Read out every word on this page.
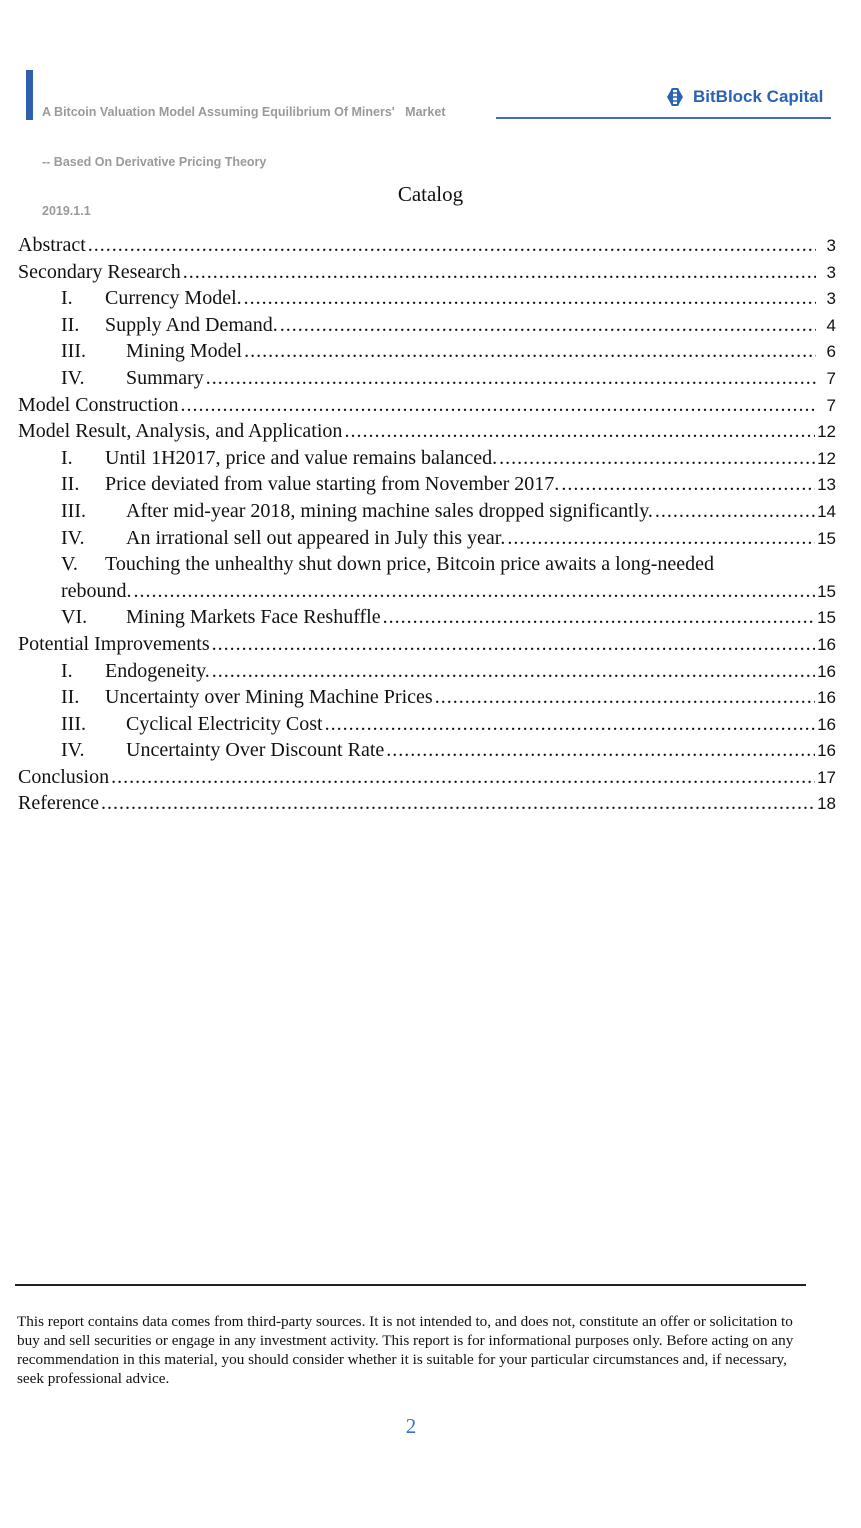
A Bitcoin Valuation Model Assuming Equilibrium Of Miners'   Market

-- Based On Derivative Pricing Theory

2019.1.1

BitBlock Capital
Catalog
Abstract .....	3
Secondary Research .....	3
I.	Currency Model. .....	3
II.	Supply And Demand. .....	4
III.	Mining Model .....	6
IV.	Summary .....	7
Model Construction .....	7
Model Result, Analysis, and Application .....	12
I.	Until 1H2017, price and value remains balanced. .....	12
II.	Price deviated from value starting from November 2017. .....	13
III.	After mid-year 2018, mining machine sales dropped significantly. .....	14
IV.	An irrational sell out appeared in July this year. .....	15
V.	Touching the unhealthy shut down price, Bitcoin price awaits a long-needed
rebound. .....	15
VI.	Mining Markets Face Reshuffle .....	15
Potential Improvements .....	16
I.	Endogeneity. .....	16
II.	Uncertainty over Mining Machine Prices .....	16
III.	Cyclical Electricity Cost .....	16
IV.	Uncertainty Over Discount Rate .....	16
Conclusion .....	17
Reference .....	18
This report contains data comes from third-party sources. It is not intended to, and does not, constitute an offer or solicitation to buy and sell securities or engage in any investment activity. This report is for informational purposes only. Before acting on any recommendation in this material, you should consider whether it is suitable for your particular circumstances and, if necessary, seek professional advice.
2
